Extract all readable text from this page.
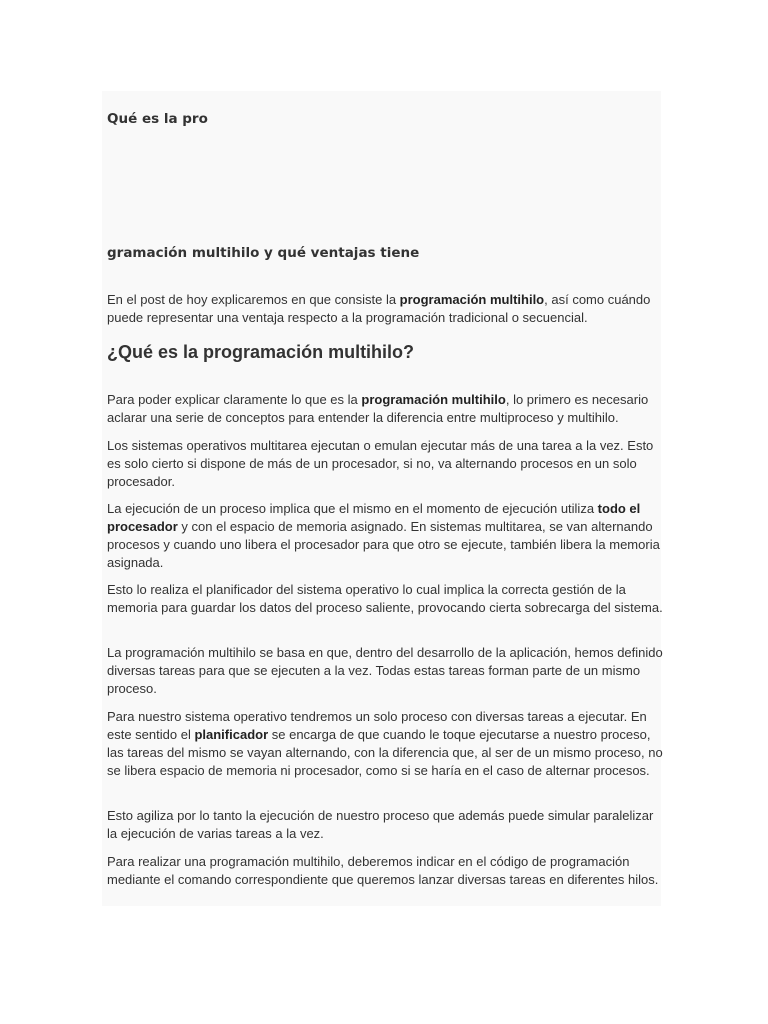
Qué es la pro
gramación multihilo y qué ventajas tiene

En el post de hoy explicaremos en que consiste la programación multihilo, así como cuándo puede representar una ventaja respecto a la programación tradicional o secuencial.

¿Qué es la programación multihilo?

Para poder explicar claramente lo que es la programación multihilo, lo primero es necesario aclarar una serie de conceptos para entender la diferencia entre multiproceso y multihilo.

Los sistemas operativos multitarea ejecutan o emulan ejecutar más de una tarea a la vez. Esto es solo cierto si dispone de más de un procesador, si no, va alternando procesos en un solo procesador.

La ejecución de un proceso implica que el mismo en el momento de ejecución utiliza todo el procesador y con el espacio de memoria asignado. En sistemas multitarea, se van alternando procesos y cuando uno libera el procesador para que otro se ejecute, también libera la memoria asignada.

Esto lo realiza el planificador del sistema operativo lo cual implica la correcta gestión de la memoria para guardar los datos del proceso saliente, provocando cierta sobrecarga del sistema.

La programación multihilo se basa en que, dentro del desarrollo de la aplicación, hemos definido diversas tareas para que se ejecuten a la vez. Todas estas tareas forman parte de un mismo proceso.

Para nuestro sistema operativo tendremos un solo proceso con diversas tareas a ejecutar. En este sentido el planificador se encarga de que cuando le toque ejecutarse a nuestro proceso, las tareas del mismo se vayan alternando, con la diferencia que, al ser de un mismo proceso, no se libera espacio de memoria ni procesador, como si se haría en el caso de alternar procesos.

Esto agiliza por lo tanto la ejecución de nuestro proceso que además puede simular paralelizar la ejecución de varias tareas a la vez.

Para realizar una programación multihilo, deberemos indicar en el código de programación mediante el comando correspondiente que queremos lanzar diversas tareas en diferentes hilos.
